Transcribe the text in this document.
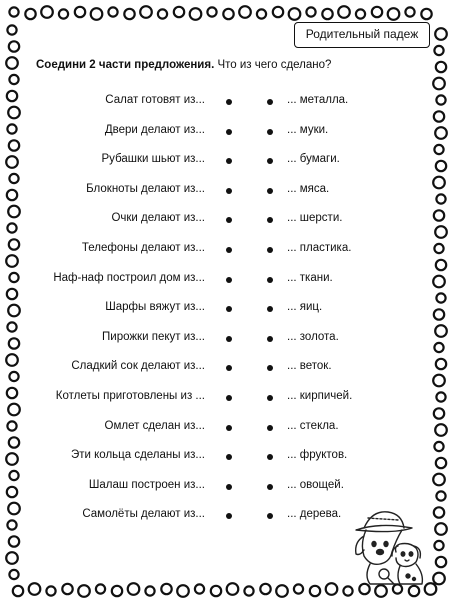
Родительный падеж
Соедини 2 части предложения. Что из чего сделано?
Салат готовят из...	... металла.
Двери делают из...	... муки.
Рубашки шьют из...	... бумаги.
Блокноты делают из...	... мяса.
Очки делают из...	... шерсти.
Телефоны делают из...	... пластика.
Наф-наф построил дом из...	... ткани.
Шарфы вяжут из...	... яиц.
Пирожки пекут из...	... золота.
Сладкий сок делают из...	... веток.
Котлеты приготовлены из ...	... кирпичей.
Омлет сделан из...	... стекла.
Эти кольца сделаны из...	... фруктов.
Шалаш построен из...	... овощей.
Самолёты делают из...	... дерева.
